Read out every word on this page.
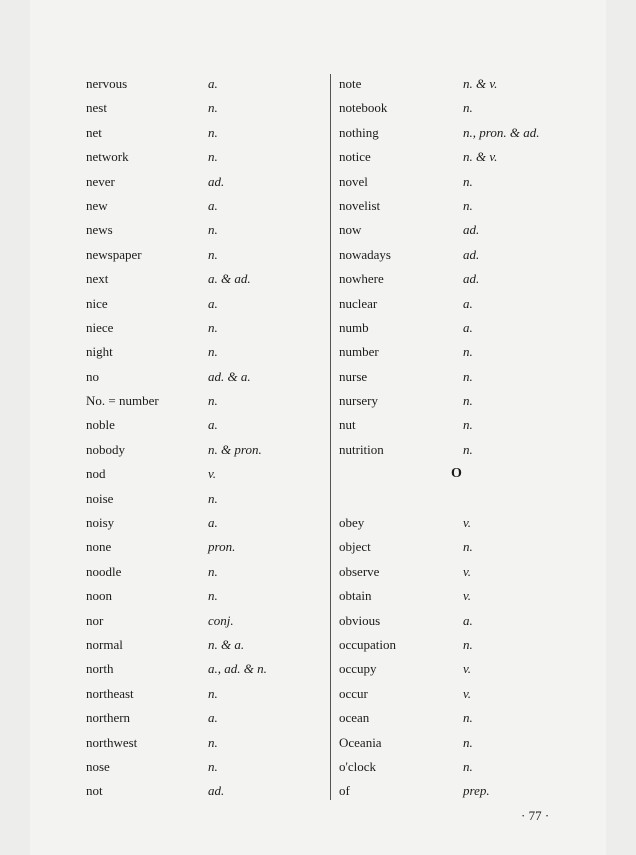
nervous	a.
nest	n.
net	n.
network	n.
never	ad.
new	a.
news	n.
newspaper	n.
next	a. & ad.
nice	a.
niece	n.
night	n.
no	ad. & a.
No. = number	n.
noble	a.
nobody	n. & pron.
nod	v.
noise	n.
noisy	a.
none	pron.
noodle	n.
noon	n.
nor	conj.
normal	n. & a.
north	a., ad. & n.
northeast	n.
northern	a.
northwest	n.
nose	n.
not	ad.
note	n. & v.
notebook	n.
nothing	n., pron. & ad.
notice	n. & v.
novel	n.
novelist	n.
now	ad.
nowadays	ad.
nowhere	ad.
nuclear	a.
numb	a.
number	n.
nurse	n.
nursery	n.
nut	n.
nutrition	n.
O
obey	v.
object	n.
observe	v.
obtain	v.
obvious	a.
occupation	n.
occupy	v.
occur	v.
ocean	n.
Oceania	n.
o'clock	n.
of	prep.
· 77 ·
